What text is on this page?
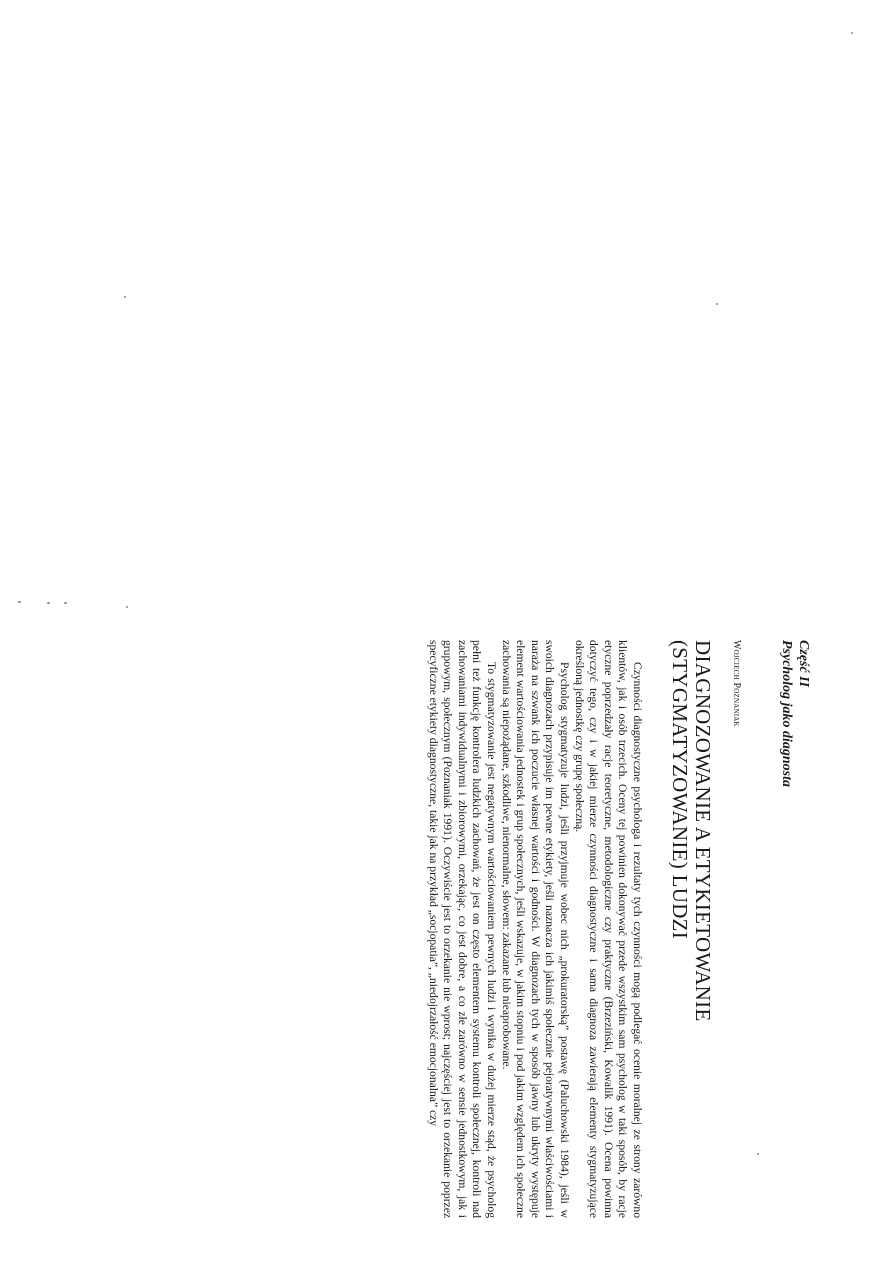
Część II
Psycholog jako diagnosta
Wojciech Poznaniak
DIAGNOZOWANIE A ETYKIETOWANIE (STYGMATYZOWANIE) LUDZI

Czynności diagnostyczne psychologa i rezultaty tych czynności mogą podlegać ocenie moralnej ze strony zarówno klientów, jak i osób trzecich. Oceny tej powinien dokonywać przede wszystkim sam psycholog w taki sposób, by racje etyczne poprzedzały racje teoretyczne, metodologiczne czy praktyczne (Brzeziński, Kowalik 1991). Ocena powinna dotyczyć tego, czy i w jakiej mierze czynności diagnostyczne i sama diagnoza zawierają elementy stygmatyzujące określoną jednostkę czy grupę społeczną.

Psycholog stygmatyzuje ludzi, jeśli przyjmuje wobec nich „prokuratorską” postawę (Paluchowski 1984), jeśli w swoich diagnozach przypisuje im pewne etykiety, jeśli naznacza ich jakimiś społecznie pejoratywnymi właściwościami i naraża na szwank ich poczucie własnej wartości i godności. W diagnozach tych w sposób jawny lub ukryty występuje element wartościowania jednostek i grup społecznych, jeśli wskazuje, w jakim stopniu i pod jakim względem ich społeczne zachowania są niepożądane, szkodliwe, nienormalne, słowem: zakazane lub nieaprobowane.

To stygmatyzowanie jest negatywnym wartościowaniem pewnych ludzi i wynika w dużej mierze stąd, że psycholog pełni też funkcję kontrolera ludzkich zachowań, że jest on często elementem systemu kontroli społecznej, kontroli nad zachowaniami indywidualnymi i zbiorowymi, orzekając, co jest dobre, a co złe zarówno w sensie jednostkowym, jak i grupowym, społecznym (Poznaniak 1991). Oczywiście jest to orzekanie nie wprost; najczęściej jest to orzekanie poprzez specyficzne etykiety diagnostyczne, takie jak na przykład „socjopatia”, „niedojrzałość emocjonalna” czy
